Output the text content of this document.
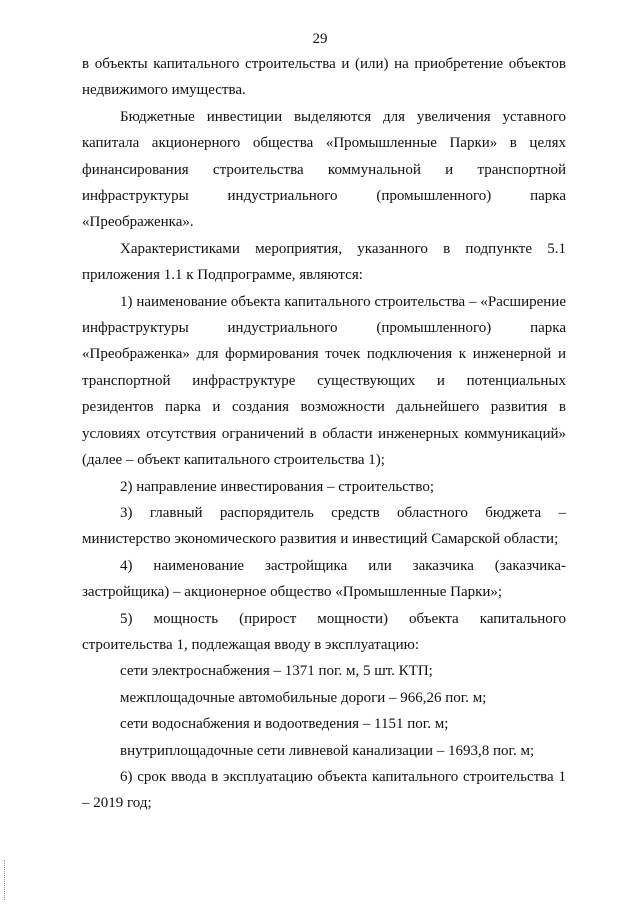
29

в объекты капитального строительства и (или) на приобретение объектов недвижимого имущества.

Бюджетные инвестиции выделяются для увеличения уставного капитала акционерного общества «Промышленные Парки» в целях финансирования строительства коммунальной и транспортной инфраструктуры индустриального (промышленного) парка «Преображенка».

Характеристиками мероприятия, указанного в подпункте 5.1 приложения 1.1 к Подпрограмме, являются:

1) наименование объекта капитального строительства – «Расширение инфраструктуры индустриального (промышленного) парка «Преображенка» для формирования точек подключения к инженерной и транспортной инфраструктуре существующих и потенциальных резидентов парка и создания возможности дальнейшего развития в условиях отсутствия ограничений в области инженерных коммуникаций» (далее – объект капитального строительства 1);

2) направление инвестирования – строительство;

3) главный распорядитель средств областного бюджета – министерство экономического развития и инвестиций Самарской области;

4) наименование застройщика или заказчика (заказчика-застройщика) – акционерное общество «Промышленные Парки»;

5) мощность (прирост мощности) объекта капитального строительства 1, подлежащая вводу в эксплуатацию:

сети электроснабжения – 1371 пог. м, 5 шт. КТП;

межплощадочные автомобильные дороги – 966,26 пог. м;

сети водоснабжения и водоотведения – 1151 пог. м;

внутриплощадочные сети ливневой канализации – 1693,8 пог. м;

6) срок ввода в эксплуатацию объекта капитального строительства 1 – 2019 год;
